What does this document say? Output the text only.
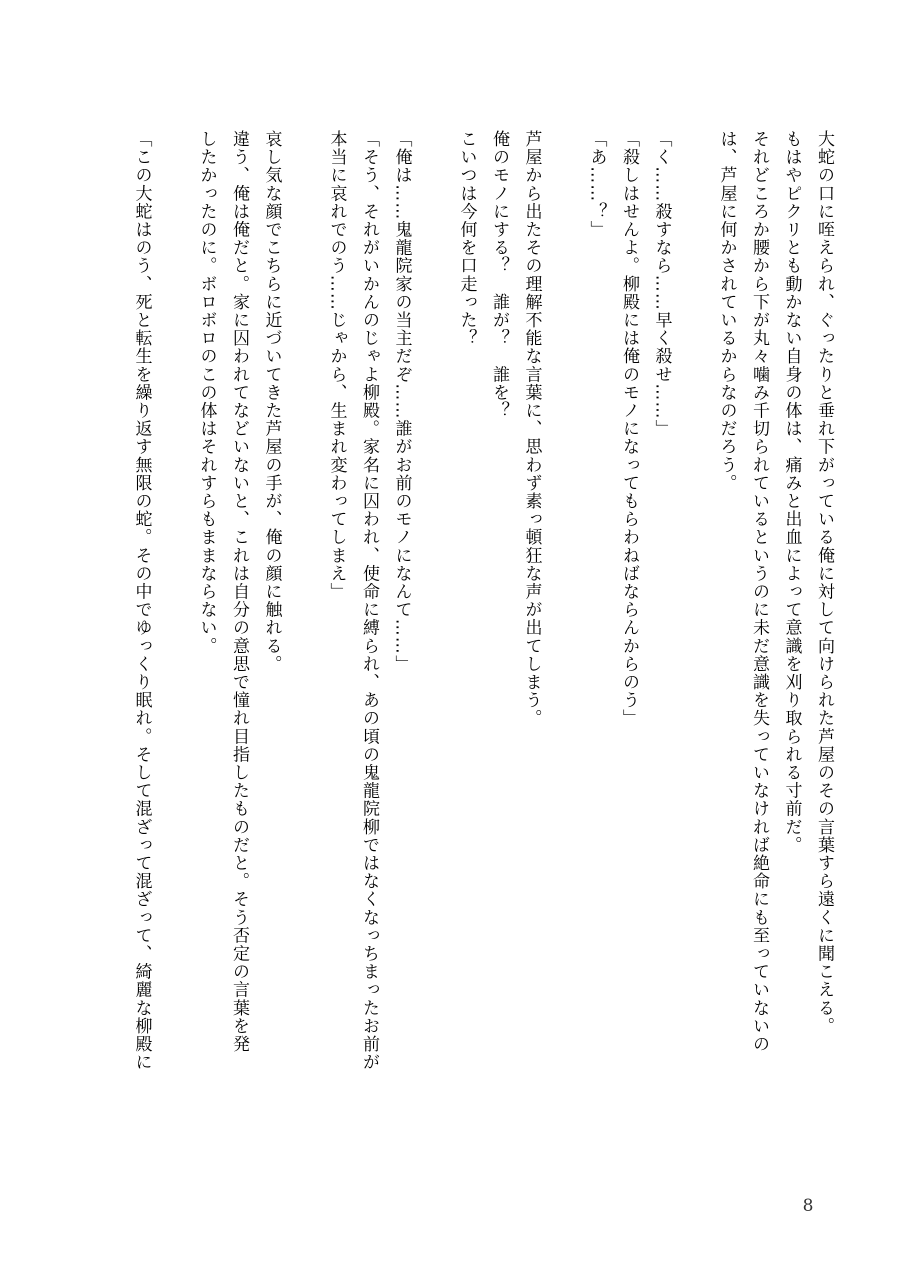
大蛇の口に咥えられ、ぐったりと垂れ下がっている俺に対して向けられた芦屋のその言葉すら遠くに聞こえる。
もはやピクリとも動かない自身の体は、痛みと出血によって意識を刈り取られる寸前だ。
それどころか腰から下が丸々噛み千切られているというのに未だ意識を失っていなければ絶命にも至っていないの
は、芦屋に何かされているからなのだろう。
「く……殺すなら……早く殺せ……」
「殺しはせんよ。柳殿には俺のモノになってもらわねばならんからのう」
「あ……？」
芦屋から出たその理解不能な言葉に、思わず素っ頓狂な声が出てしまう。
俺のモノにする？　誰が？　誰を？
こいつは今何を口走った？
「俺は……鬼龍院家の当主だぞ……誰がお前のモノになんて……」
「そう、それがいかんのじゃよ柳殿。家名に囚われ、使命に縛られ、あの頃の鬼龍院柳ではなくなっちまったお前が
本当に哀れでのう……じゃから、生まれ変わってしまえ」
哀し気な顔でこちらに近づいてきた芦屋の手が、俺の顔に触れる。
違う、俺は俺だと。家に囚われてなどいないと、これは自分の意思で憧れ目指したものだと。そう否定の言葉を発
したかったのに。ボロボロのこの体はそれすらもままならない。
「この大蛇はのう、死と転生を繰り返す無限の蛇。その中でゆっくり眠れ。そして混ざって混ざって、綺麗な柳殿に
8
